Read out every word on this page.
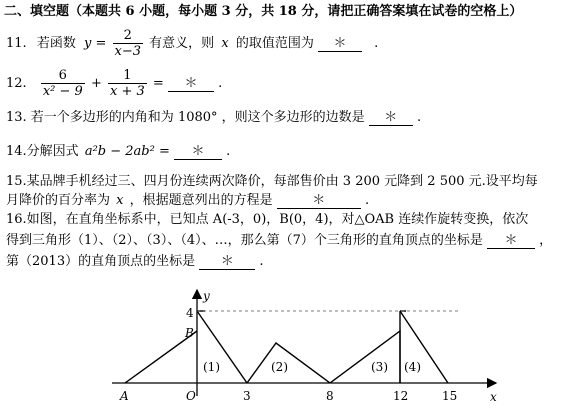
二、填空题（本题共 6 小题，每小题 3 分，共 18 分，请把正确答案填在试卷的空格上）
11. 若函数 $y = \frac{2}{x-3}$ 有意义，则 x 的取值范围为 ＊ .
12. $\frac{6}{\text{x² − 9}} + \frac{1}{x + 3}$ = ＊ .
13. 若一个多边形的内角和为 1080° ，则这个多边形的边数是 ＊ .
14.分解因式 a²b − 2ab² = ＊ .
15.某品牌手机经过三、四月份连续两次降价，每部售价由 3 200 元降到 2 500 元.设平均每
月降价的百分率为 x ，根据题意列出的方程是	＊	.
16.如图，在直角坐标系中，已知点 A(-3，0)，B(0，4)，对△OAB 连续作旋转变换，依次
得到三角形（1）、（2）、（3）、（4）、…，那么第（7）个三角形的直角顶点的坐标是 ＊ ，
第（2013）的直角顶点的坐标是 ＊ .
y
x
4
B
A	O	3	8	12	15
(1)	(2)	(3) (4)
